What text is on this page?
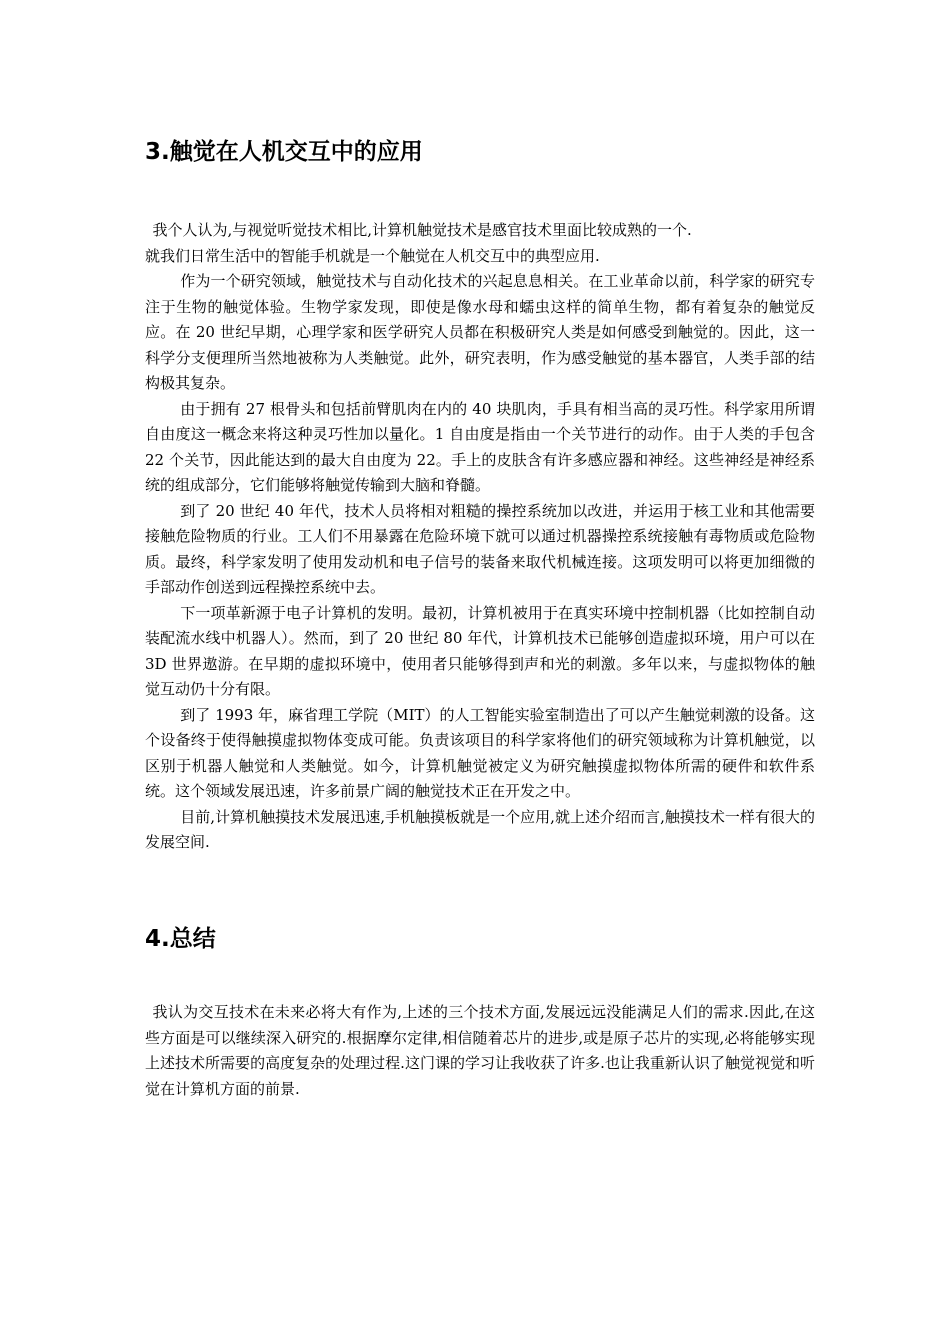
3.触觉在人机交互中的应用

我个人认为,与视觉听觉技术相比,计算机触觉技术是感官技术里面比较成熟的一个.

就我们日常生活中的智能手机就是一个触觉在人机交互中的典型应用.

作为一个研究领域，触觉技术与自动化技术的兴起息息相关。在工业革命以前，科学家的研究专注于生物的触觉体验。生物学家发现，即使是像水母和蠕虫这样的简单生物，都有着复杂的触觉反应。在 20 世纪早期，心理学家和医学研究人员都在积极研究人类是如何感受到触觉的。因此，这一科学分支便理所当然地被称为人类触觉。此外，研究表明，作为感受触觉的基本器官，人类手部的结构极其复杂。

由于拥有 27 根骨头和包括前臂肌肉在内的 40 块肌肉，手具有相当高的灵巧性。科学家用所谓自由度这一概念来将这种灵巧性加以量化。1 自由度是指由一个关节进行的动作。由于人类的手包含 22 个关节，因此能达到的最大自由度为 22。手上的皮肤含有许多感应器和神经。这些神经是神经系统的组成部分，它们能够将触觉传输到大脑和脊髓。

到了 20 世纪 40 年代，技术人员将相对粗糙的操控系统加以改进，并运用于核工业和其他需要接触危险物质的行业。工人们不用暴露在危险环境下就可以通过机器操控系统接触有毒物质或危险物质。最终，科学家发明了使用发动机和电子信号的装备来取代机械连接。这项发明可以将更加细微的手部动作创送到远程操控系统中去。

下一项革新源于电子计算机的发明。最初，计算机被用于在真实环境中控制机器（比如控制自动装配流水线中机器人）。然而，到了 20 世纪 80 年代，计算机技术已能够创造虚拟环境，用户可以在 3D 世界遨游。在早期的虚拟环境中，使用者只能够得到声和光的刺激。多年以来，与虚拟物体的触觉互动仍十分有限。

到了 1993 年，麻省理工学院（MIT）的人工智能实验室制造出了可以产生触觉刺激的设备。这个设备终于使得触摸虚拟物体变成可能。负责该项目的科学家将他们的研究领域称为计算机触觉，以区别于机器人触觉和人类触觉。如今，计算机触觉被定义为研究触摸虚拟物体所需的硬件和软件系统。这个领域发展迅速，许多前景广阔的触觉技术正在开发之中。

目前,计算机触摸技术发展迅速,手机触摸板就是一个应用,就上述介绍而言,触摸技术一样有很大的发展空间.

4.总结

我认为交互技术在未来必将大有作为,上述的三个技术方面,发展远远没能满足人们的需求.因此,在这些方面是可以继续深入研究的.根据摩尔定律,相信随着芯片的进步,或是原子芯片的实现,必将能够实现上述技术所需要的高度复杂的处理过程.这门课的学习让我收获了许多.也让我重新认识了触觉视觉和听觉在计算机方面的前景.
